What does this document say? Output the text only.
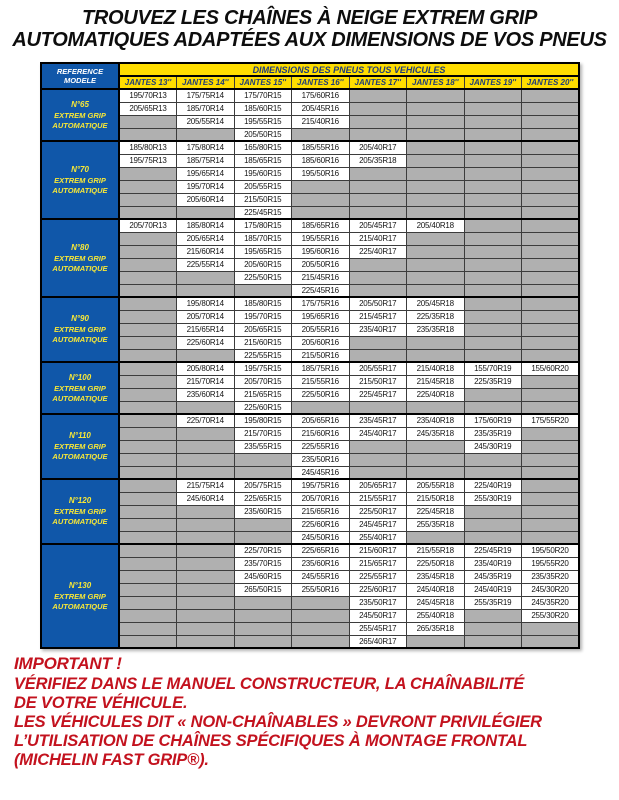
TROUVEZ LES CHAÎNES À NEIGE EXTREM GRIP
AUTOMATIQUES ADAPTÉES AUX DIMENSIONS DE VOS PNEUS
REFERENCE
MODELE	DIMENSIONS DES PNEUS TOUS VEHICULES							
	JANTES 13''	JANTES 14''	JANTES 15''	JANTES 16''	JANTES 17''	JANTES 18''	JANTES 19''	JANTES 20''

N°65
EXTREM GRIP
AUTOMATIQUE	195/70R13	175/75R14	175/70R15	175/60R16				
	205/65R13	185/70R14	185/60R15	205/45R16				
		205/55R14	195/55R15	215/40R16				
			205/50R15					

N°70
EXTREM GRIP
AUTOMATIQUE	185/80R13	175/80R14	165/80R15	185/55R16	205/40R17			
	195/75R13	185/75R14	185/65R15	185/60R16	205/35R18			
		195/65R14	195/60R15	195/50R16				
		195/70R14	205/55R15					
		205/60R14	215/50R15					
			225/45R15					

N°80
EXTREM GRIP
AUTOMATIQUE	205/70R13	185/80R14	175/80R15	185/65R16	205/45R17	205/40R18		
		205/65R14	185/70R15	195/55R16	215/40R17			
		215/60R14	195/65R15	195/60R16	225/40R17			
		225/55R14	205/60R15	205/50R16				
			225/50R15	215/45R16				
				225/45R16				

N°90
EXTREM GRIP
AUTOMATIQUE		195/80R14	185/80R15	175/75R16	205/50R17	205/45R18		
		205/70R14	195/70R15	195/65R16	215/45R17	225/35R18		
		215/65R14	205/65R15	205/55R16	235/40R17	235/35R18		
		225/60R14	215/60R15	205/60R16				
			225/55R15	215/50R16				

N°100
EXTREM GRIP
AUTOMATIQUE		205/80R14	195/75R15	185/75R16	205/55R17	215/40R18	155/70R19	155/60R20
		215/70R14	205/70R15	215/55R16	215/50R17	215/45R18	225/35R19	
		235/60R14	215/65R15	225/50R16	225/45R17	225/40R18		
			225/60R15					

N°110
EXTREM GRIP
AUTOMATIQUE		225/70R14	195/80R15	205/65R16	235/45R17	235/40R18	175/60R19	175/55R20
			215/70R15	215/60R16	245/40R17	245/35R18	235/35R19	
			235/55R15	225/55R16			245/30R19	
				235/50R16				
				245/45R16				

N°120
EXTREM GRIP
AUTOMATIQUE		215/75R14	205/75R15	195/75R16	205/65R17	205/55R18	225/40R19	
		245/60R14	225/65R15	205/70R16	215/55R17	215/50R18	255/30R19	
			235/60R15	215/65R16	225/50R17	225/45R18		
				225/60R16	245/45R17	255/35R18		
				245/50R16	255/40R17			

N°130
EXTREM GRIP
AUTOMATIQUE			225/70R15	225/65R16	215/60R17	215/55R18	225/45R19	195/50R20
			235/70R15	235/60R16	215/65R17	225/50R18	235/40R19	195/55R20
			245/60R15	245/55R16	225/55R17	235/45R18	245/35R19	235/35R20
			265/50R15	255/50R16	225/60R17	245/40R18	245/40R19	245/30R20
					235/50R17	245/45R18	255/35R19	245/35R20
					245/50R17	255/40R18		255/30R20
					255/45R17	265/35R18		
					265/40R17			
IMPORTANT !
VÉRIFIEZ DANS LE MANUEL CONSTRUCTEUR, LA CHAÎNABILITÉ
DE VOTRE VÉHICULE.
LES VÉHICULES DIT « NON-CHAÎNABLES » DEVRONT PRIVILÉGIER
L’UTILISATION DE CHAÎNES SPÉCIFIQUES À MONTAGE FRONTAL
(MICHELIN FAST GRIP®).
